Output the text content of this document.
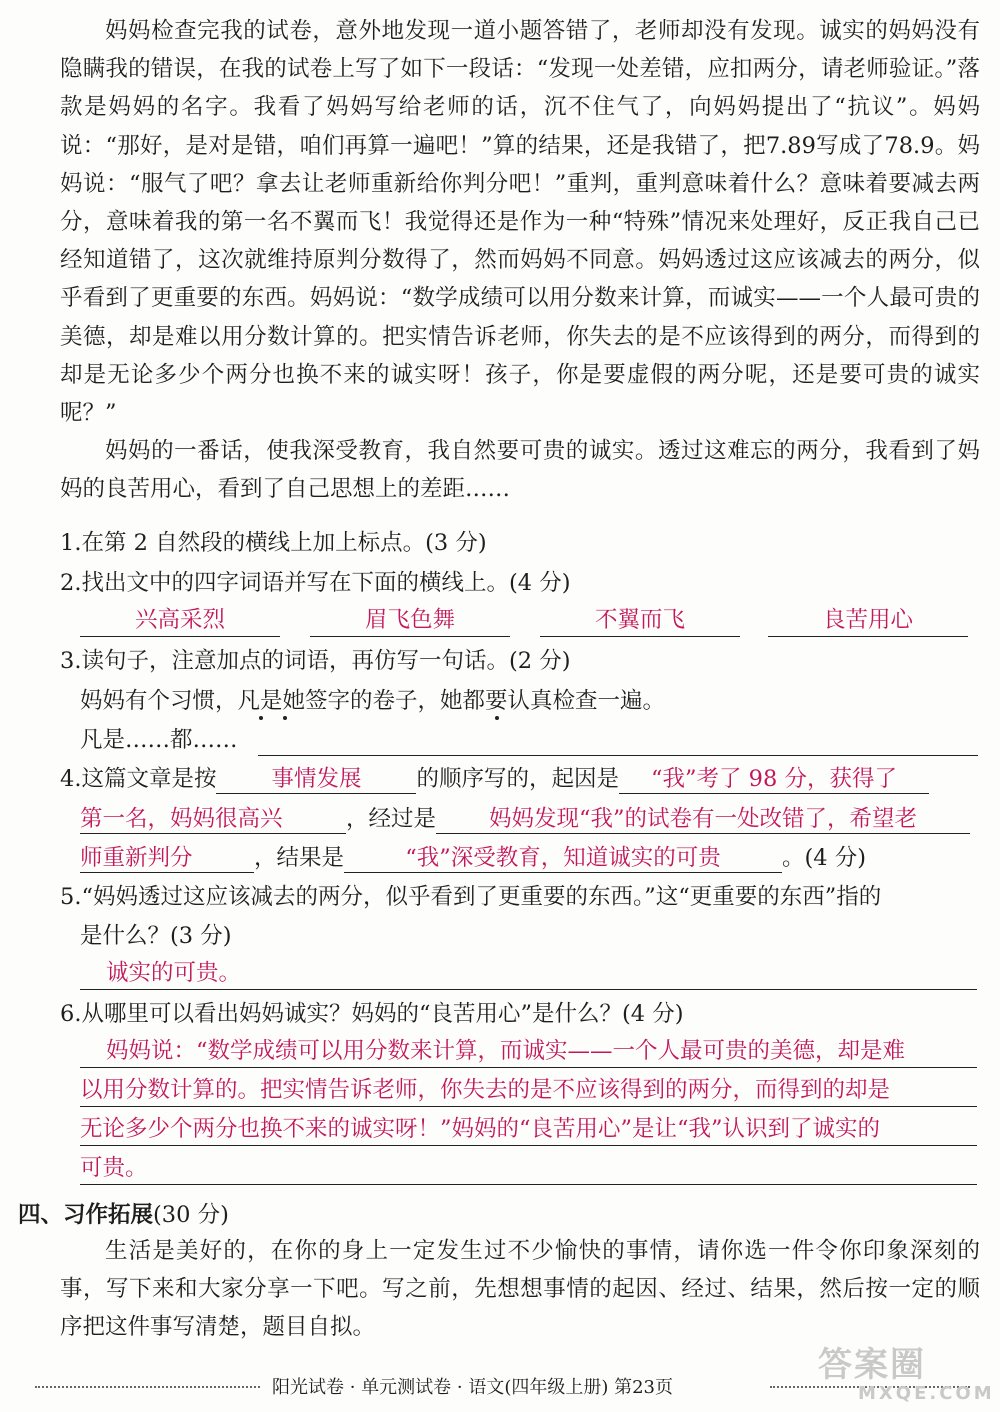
妈妈检查完我的试卷，意外地发现一道小题答错了，老师却没有发现。诚实的妈妈没有隐瞒我的错误，在我的试卷上写了如下一段话：“发现一处差错，应扣两分，请老师验证。”落款是妈妈的名字。我看了妈妈写给老师的话，沉不住气了，向妈妈提出了“抗议”。妈妈说：“那好，是对是错，咱们再算一遍吧！”算的结果，还是我错了，把7.89写成了78.9。妈妈说：“服气了吧？拿去让老师重新给你判分吧！”重判，重判意味着什么？意味着要减去两分，意味着我的第一名不翼而飞！我觉得还是作为一种“特殊”情况来处理好，反正我自己已经知道错了，这次就维持原判分数得了，然而妈妈不同意。妈妈透过这应该减去的两分，似乎看到了更重要的东西。妈妈说：“数学成绩可以用分数来计算，而诚实——一个人最可贵的美德，却是难以用分数计算的。把实情告诉老师，你失去的是不应该得到的两分，而得到的却是无论多少个两分也换不来的诚实呀！孩子，你是要虚假的两分呢，还是要可贵的诚实呢？”

妈妈的一番话，使我深受教育，我自然要可贵的诚实。透过这难忘的两分，我看到了妈妈的良苦用心，看到了自己思想上的差距……

1.在第 2 自然段的横线上加上标点。(3 分)
2.找出文中的四字词语并写在下面的横线上。(4 分)
兴高采烈	眉飞色舞	不翼而飞	良苦用心
3.读句子，注意加点的词语，再仿写一句话。(2 分)
妈妈有个习惯，凡是她签字的卷子，她都要认真检查一遍。
凡是……都……
4.这篇文章是按 事情发展 的顺序写的，起因是 “我”考了 98 分，获得了
第一名，妈妈很高兴	，经过是 妈妈发现“我”的试卷有一处改错了，希望老
师重新判分	，结果是	“我”深受教育，知道诚实的可贵	。(4 分)
5.“妈妈透过这应该减去的两分，似乎看到了更重要的东西。”这“更重要的东西”指的
是什么？(3 分)
诚实的可贵。
6.从哪里可以看出妈妈诚实？妈妈的“良苦用心”是什么？(4 分)
妈妈说：“数学成绩可以用分数来计算，而诚实——一个人最可贵的美德，却是难
以用分数计算的。把实情告诉老师，你失去的是不应该得到的两分，而得到的却是
无论多少个两分也换不来的诚实呀！”妈妈的“良苦用心”是让“我”认识到了诚实的
可贵。
四、习作拓展(30 分)

生活是美好的，在你的身上一定发生过不少愉快的事情，请你选一件令你印象深刻的事，写下来和大家分享一下吧。写之前，先想想事情的起因、经过、结果，然后按一定的顺序把这件事写清楚，题目自拟。

阳光试卷 · 单元测试卷 · 语文(四年级上册) 第23页
答案圈
MXQE.COM
